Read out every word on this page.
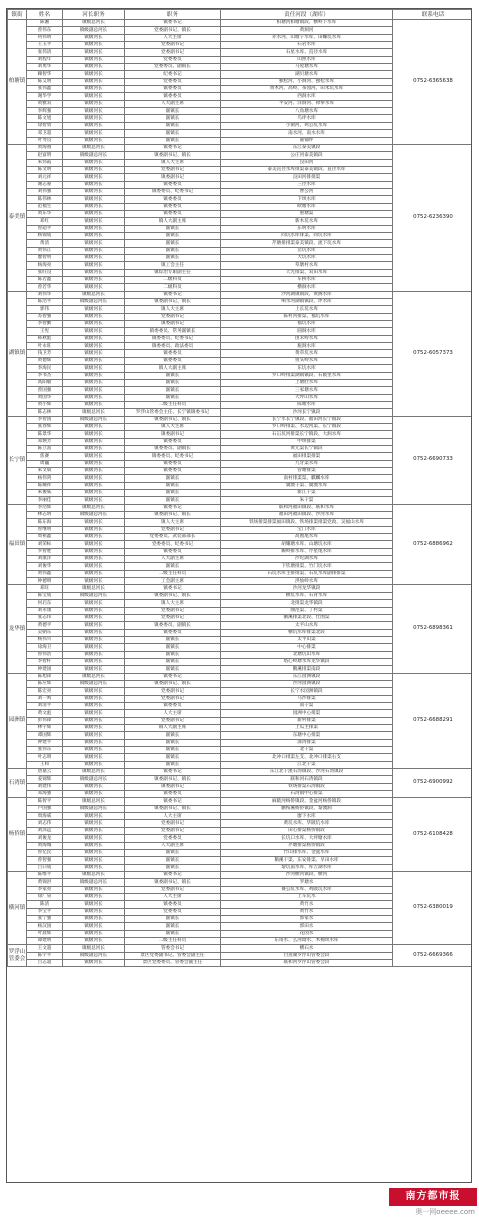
镇街	姓名	河长职务	职务	责任河段（湖库）	联系电话
柏塘镇	陈湘	镇级总河长	镇委书记	柏塘河柏塘镇段、横岭下水库	0752-6365638
	曾伟东	镇级副总河长	党委副书记、镇长	黄洞河	
	何伟明	镇级河长	人大主席	赤水河、山塘子水库、田螺坑水库	
	王玉平	镇级河长	党委副书记	石岩水库	
	张伟清	镇级河长	党委副书记	石星水库、直径水库	
	刘程年	镇级河长	党委委员	山照水库	
	刘勇华	镇级河长	党委委员、副镇长	马屋塘水库	
	赖智华	镇级河长	纪委书记	湖贝塘水库	
	陈艾明	镇级河长	党委委员	独松河、小洞河、独松水库	
	张伟鑫	镇级河长	镇委委员	黄木河、高岭、茶园河、田米坑水库	
	谢华学	镇级河长	镇委委员	西洞水库	
	黄雅双	镇级河长	人大副主席	平安河、洋洞河、禄拳水库	
	李辉强	镇级河长	副镇长	八角塘水库	
	陈文旭	镇级河长	副镇长	鸟坪水库	
	徐智勇	镇级河长	副镇长	小洞河、鸡公坑水库	
	邓卫超	镇级河长	副镇长	南水河、南水水库	
	叶寿良	镇级河长	副镇长	嘉铺坪	
泰美镇	黄海燕	镇级总河长	镇委书记	东江泰美镇段	0752-6236390
	赵富明	镇级副总河长	镇委副书记、镇长	公庄河泰美镇段	
	朱伟霞	镇级河长	镇人大主席	良田河	
	陈文明	镇级河长	党委副书记	泰美直径水库排渠泰美镇段、直径水库	
	刘元祥	镇级河长	镇委副书记	良田河排排渠	
	谢志豪	镇级河长	镇委委员	三径水库	
	刘伟强	镇级河长	镇委委员、纪委书记	曹公河	
	陈伟林	镇级河长	镇委委员	下坝水库	
	范福生	镇级河长	镇委委员	欧塘水库	
	黄东华	镇级河长	镇委委员	重塘渠	
	邓红	镇级河长	镇人大副主席	新木坑水库	
	曾超平	镇级河长	副镇长	东明水库	
	杨锦成	镇级河长	副镇长	同坑水库排渠、同坑水库	
	黄清	镇级河长	副镇长	芹塘排排渠泰美镇段、流下坑水库	
	黄伟正	镇级河长	副镇长	岳坑水库	
	廖智明	镇级河长	副镇长	大坑水库	
	杨海亮	镇级河长	镇工会主任	草塘村水库	
	张旺良	镇级河长	镇综治专职副主任	天光排渠、双田水库	
	陈若鑫	镇级河长	二级科员	车桥水库	
	曾若华	镇级河长	二级科员	横洞水库	
湖镇镇	刘伟华	镇级总河长	镇委书记	沙河湖镇镇段、黄阁水库	0752-6057373
	陈浩平	镇级副总河长	镇委副书记、镇长	响水河湖镇镇段、坪水库	
	郭伟	镇级河长	镇人大主席	上长坑水库	
	苏智强	镇级河长	党委副书记	陈村河排渠、福坑水库	
	李智勤	镇级河长	镇委副书记	福坑水库	
	王宪	镇级河长	镇委委员、常务副镇长	圆洞水库	
	韩秋彪	镇级河长	镇委委员、纪委书记	由禾岭水库	
	叶永旺	镇级河长	镇委委员、政法委员	瓶洞水库	
	钱卫芳	镇级河长	镇委委员	黄草坑水库	
	黄德辉	镇级河长	镇委委员	鱼头岭水库	
	李海民	镇级河长	镇人大副主席	东坑水库	
	李书杰	镇级河长	副镇长	罗口岭排渠湖镇镇段、石陂里水库	
	高阳敏	镇级河长	副镇长	上塘肚水库	
	曾国强	镇级河长	副镇长	三家塘水库	
	黄国华	镇级河长	副镇长	大坪山水库	
	黄小辉	镇级河长	二级主任科员	陈塘水库	
	陈志林	镇级总河长	罗浮山管委会主任、长宁镇镇委书记	沙河长宁镇段	
长宁镇	李智国	镇级副总河长	镇委副书记、镇长	长宁水长宁镇段、福田河长宁镇段	0752-6690733
	张春辉	镇级河长	镇人大主席	罗口岭排渠、水边河渠、长宁镇段	
	陈景华	镇级河长	镇委副书记	石冚坑河排渠长宁镇段、大洞水库	
	邓焕芳	镇级河长	镇委委员	中坝排渠	
	陈立富	镇级河长	镇委委员、副镇长	黄元渠长宁镇段	
	焦赛	镇级河长	镇委委员、纪委书记	福田排渠排渠	
	周巍	镇级河长	镇委委员	九牙渠水库	
	朱文斌	镇级河长	镇委委员	管塘排渠	
	杨伟剑	镇级河长	副镇长	南村排渠渠、麒麟水库	
	陈耀祥	镇级河长	副镇长	冀澳干渠、冀澳水库	
	朱俊威	镇级河长	副镇长	新江干渠	
	李丽佳	镇级河长	副镇长	朱干渠	
福田镇	李浩辉	镇级总河长	镇委书记	联和河福田镇段、联和水库	0752-6886962
	林志明	镇级副总河长	镇委副书记、镇长	福田河福田镇段、沙河水库	
	陈东海	镇级河长	镇人大主席	铁场排渠排渠福田镇段、铁场排渠排渠党政、吴福山水库	
	曾继明	镇级河长	党委副书记	宝门水库	
	周祖鑫	镇级河长	党委委员、武装部部长	高围尾水库	
	刘荣标	镇级河长	党委委员、纪委书记	胡耀塘水库、山塘坑水库	
	罗智胜	镇级河长	镇委委员	赖岭排水库、芹星尾水库	
	刘康洋	镇级河长	人大副主席	沙坨湖水库	
	刘俊华	镇级河长	副镇长	下钦塘排渠、竹门坑水库	
	黄伟鑫	镇级河长	二级主任科员	石坑水库主排排渠、石坑水库副排排渠	
	钟德明	镇级河长	工会副主席	洪仙岭水库	
龙华镇	邓旺	镇级总河长	镇委书记	沙河龙华镇段	0752-6898361
	陈宝成	镇级副总河长	镇委副书记、镇长	横坑水库、石背水库	
	何启东	镇级河长	镇人大主席	北排渠龙华镇段	
	刘永康	镇级河长	党委副书记	曲范渠、丁村渠	
	张志伟	镇级河长	党委副书记	鹅溪排渠北段、仕围渠	
	黄德平	镇级河长	镇委委员、副镇长	太平山水库	
	吴朝东	镇级河长	镇委委员	横坑水库排渠北段	
	杨伟兴	镇级河长	副镇长	太平山渠	
	徐海卫	镇级河长	副镇长	中心排渠	
	曾伟浩	镇级河长	副镇长	北塘坑山水库	
	李智杆	镇级河长	副镇长	塔心岭塘水库龙华镇段	
	钟建国	镇级河长	副镇长	鹅溪排渠南段	
园洲镇	陈旭锋	镇级总河长	镇委书记	东江园洲镇段	0752-6688291
	陈应辉	镇级副总河长	镇委副书记、镇长	沙河园洲镇段	
	陈宏亮	镇级河长	党委副书记	长宁水园洲镇段	
	刘一鸣	镇级河长	党委副书记	马沙排渠	
	刘清平	镇级河长	镇委委员	南干渠	
	黄文彪	镇级河长	人大主席	园洲中心排渠	
	彭伟锋	镇级河长	党委副书记	新村排渠	
	林宇辉	镇级河长	镇人大副主席	上瓜主排渠	
	谭国辉	镇级河长	副镇长	东塘中心排渠	
	钟建平	镇级河长	副镇长	深湾排渠	
	张伟东	镇级河长	副镇长	北干渠	
	叶志明	镇级河长	副镇长	北冲口排渠左支、北冲口排渠右支	
	王和	镇级河长	副镇长	江北干渠	
石湾镇	唐嘉云	镇级总河长	镇委书记	东江北干流石湾镇段、沙河石湾镇段	0752-6900992
	姜锦辉	镇级副总河长	镇委副书记、镇长	联和河石湾镇段	
	刘建伟	镇级河长	镇委副书记	铁场排渠石湾镇段	
	邓海强	镇级河长	镇委委员	石湾镇中心排渠	
杨侨镇	陈智平	镇级总河长	镇委书记	麻陂河杨侨镇段、金盆河杨侨镇段	0752-6108428
	卢国强	镇级副总河长	镇委副书记、镇长	鹏桉溪杨侨镇段、黎澳洞	
	周海威	镇级河长	人大主席	廖下水库	
	刘志伟	镇级河长	党委副书记	黄坑水库、华陂坑水库	
	刘泽远	镇级河长	党委副书记	田心排渠杨侨镇段	
	刘俊龙	镇级河长	党委委员	长坑口水库、大坪塘水库	
	黄海城	镇级河长	人大副主席	芹塘排渠杨侨镇段	
	曾亿民	镇级河长	副镇长	竹山排水库、金盆水库	
	曾智强	镇级河长	副镇长	鹅溪干渠、东安排渠、早田水库	
	吕曰成	镇级河长	副镇长	黎坑南水库、库吉湖水库	
横河镇	陈维平	镇级总河长	镇委书记	沙河横河镇段、横河	0752-6380019
	黄锦洪	镇级副总河长	镇委副书记、镇长	罗塘水	
	李家亮	镇级河长	党委副书记	赛公坑水库、鸡陂坑水库	
	徐广泉	镇级河长	人大主席	上车坑水	
	陈清	镇级河长	镇委委员	黄竹水	
	李宝平	镇级河长	党委委员	黄竹水	
	张宁强	镇级河长	副镇长	郭家水	
	杨汉国	镇级河长	副镇长	郭田水	
	叶晨辉	镇级河长	副镇长	花园水	
	谭建明	镇级河长	二级主任科员	东角水、么河坳水、木棉坝水库	
罗浮山管委会	王文超	镇级总河长	管委会书记	横石水	0752-6669366
	陈宇平	镇级副总河长	景区党委副书记、管委会副主任	白莲湖罗浮山管委会段	
	吕志超	镇级河长	景区党委委员、管委会副主任	联和河罗浮山管委会段	
南方都市报
奥一网oeeee.com
